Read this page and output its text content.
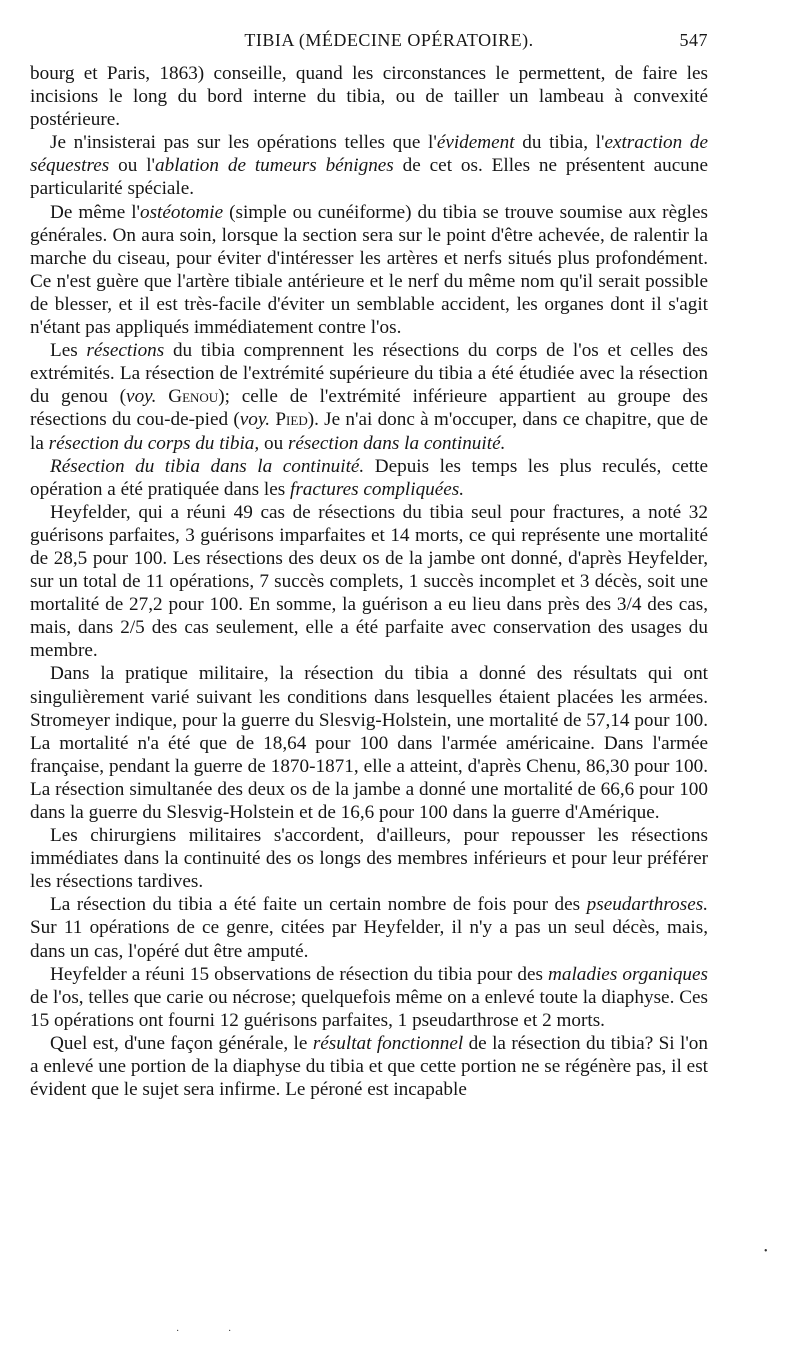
TIBIA (MÉDECINE OPÉRATOIRE).	547

bourg et Paris, 1863) conseille, quand les circonstances le permettent, de faire les incisions le long du bord interne du tibia, ou de tailler un lambeau à convexité postérieure.

Je n'insisterai pas sur les opérations telles que l'évidement du tibia, l'extraction de séquestres ou l'ablation de tumeurs bénignes de cet os. Elles ne présentent aucune particularité spéciale.

De même l'ostéotomie (simple ou cunéiforme) du tibia se trouve soumise aux règles générales. On aura soin, lorsque la section sera sur le point d'être achevée, de ralentir la marche du ciseau, pour éviter d'intéresser les artères et nerfs situés plus profondément. Ce n'est guère que l'artère tibiale antérieure et le nerf du même nom qu'il serait possible de blesser, et il est très-facile d'éviter un semblable accident, les organes dont il s'agit n'étant pas appliqués immédiatement contre l'os.

Les résections du tibia comprennent les résections du corps de l'os et celles des extrémités. La résection de l'extrémité supérieure du tibia a été étudiée avec la résection du genou (voy. Genou); celle de l'extrémité inférieure appartient au groupe des résections du cou-de-pied (voy. Pied). Je n'ai donc à m'occuper, dans ce chapitre, que de la résection du corps du tibia, ou résection dans la continuité.

Résection du tibia dans la continuité. Depuis les temps les plus reculés, cette opération a été pratiquée dans les fractures compliquées.

Heyfelder, qui a réuni 49 cas de résections du tibia seul pour fractures, a noté 32 guérisons parfaites, 3 guérisons imparfaites et 14 morts, ce qui représente une mortalité de 28,5 pour 100. Les résections des deux os de la jambe ont donné, d'après Heyfelder, sur un total de 11 opérations, 7 succès complets, 1 succès incomplet et 3 décès, soit une mortalité de 27,2 pour 100. En somme, la guérison a eu lieu dans près des 3/4 des cas, mais, dans 2/5 des cas seulement, elle a été parfaite avec conservation des usages du membre.

Dans la pratique militaire, la résection du tibia a donné des résultats qui ont singulièrement varié suivant les conditions dans lesquelles étaient placées les armées. Stromeyer indique, pour la guerre du Slesvig-Holstein, une mortalité de 57,14 pour 100. La mortalité n'a été que de 18,64 pour 100 dans l'armée américaine. Dans l'armée française, pendant la guerre de 1870-1871, elle a atteint, d'après Chenu, 86,30 pour 100. La résection simultanée des deux os de la jambe a donné une mortalité de 66,6 pour 100 dans la guerre du Slesvig-Holstein et de 16,6 pour 100 dans la guerre d'Amérique.

Les chirurgiens militaires s'accordent, d'ailleurs, pour repousser les résections immédiates dans la continuité des os longs des membres inférieurs et pour leur préférer les résections tardives.

La résection du tibia a été faite un certain nombre de fois pour des pseudarthroses. Sur 11 opérations de ce genre, citées par Heyfelder, il n'y a pas un seul décès, mais, dans un cas, l'opéré dut être amputé.

Heyfelder a réuni 15 observations de résection du tibia pour des maladies organiques de l'os, telles que carie ou nécrose; quelquefois même on a enlevé toute la diaphyse. Ces 15 opérations ont fourni 12 guérisons parfaites, 1 pseudarthrose et 2 morts.

Quel est, d'une façon générale, le résultat fonctionnel de la résection du tibia? Si l'on a enlevé une portion de la diaphyse du tibia et que cette portion ne se régénère pas, il est évident que le sujet sera infirme. Le péroné est incapable

·	·
•
